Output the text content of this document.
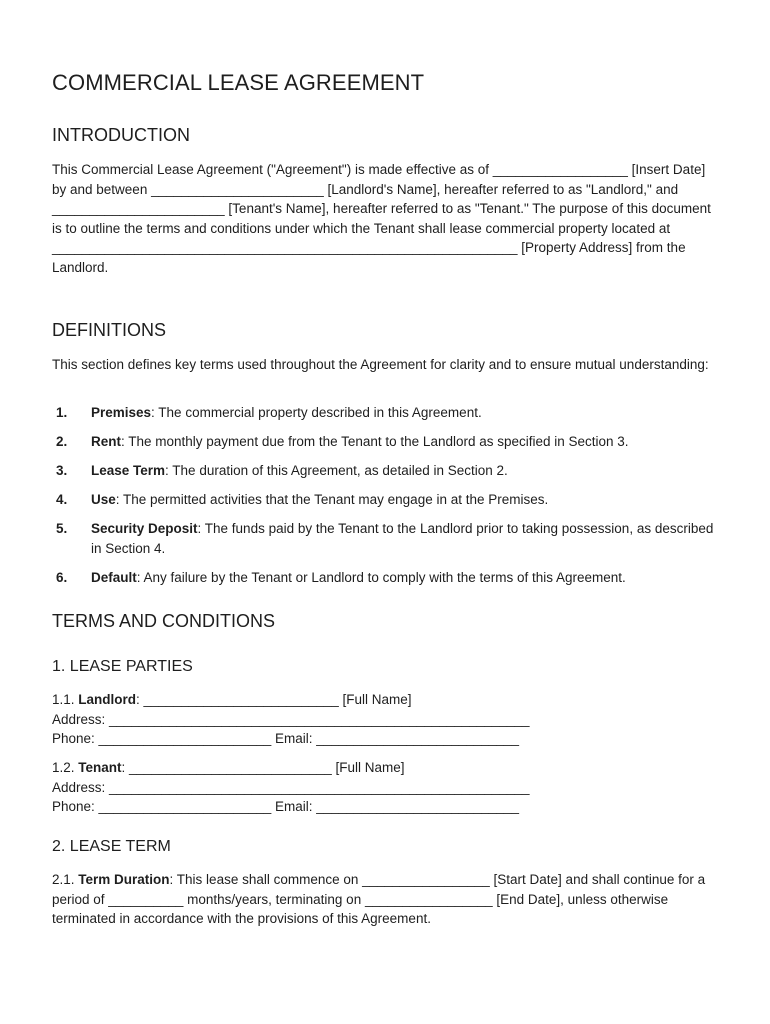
COMMERCIAL LEASE AGREEMENT
INTRODUCTION

This Commercial Lease Agreement ("Agreement") is made effective as of __________________ [Insert Date] by and between _______________________ [Landlord's Name], hereafter referred to as "Landlord," and _______________________ [Tenant's Name], hereafter referred to as "Tenant." The purpose of this document is to outline the terms and conditions under which the Tenant shall lease commercial property located at ______________________________________________________________ [Property Address] from the Landlord.

DEFINITIONS

This section defines key terms used throughout the Agreement for clarity and to ensure mutual understanding:

1. Premises: The commercial property described in this Agreement.
2. Rent: The monthly payment due from the Tenant to the Landlord as specified in Section 3.
3. Lease Term: The duration of this Agreement, as detailed in Section 2.
4. Use: The permitted activities that the Tenant may engage in at the Premises.
5. Security Deposit: The funds paid by the Tenant to the Landlord prior to taking possession, as described in Section 4.
6. Default: Any failure by the Tenant or Landlord to comply with the terms of this Agreement.
TERMS AND CONDITIONS
1. LEASE PARTIES
1.1. Landlord: __________________________ [Full Name]
Address: ________________________________________________________
Phone: _______________________ Email: ___________________________
1.2. Tenant: ___________________________ [Full Name]
Address: ________________________________________________________
Phone: _______________________ Email: ___________________________
2. LEASE TERM

2.1. Term Duration: This lease shall commence on _________________ [Start Date] and shall continue for a period of __________ months/years, terminating on _________________ [End Date], unless otherwise terminated in accordance with the provisions of this Agreement.
